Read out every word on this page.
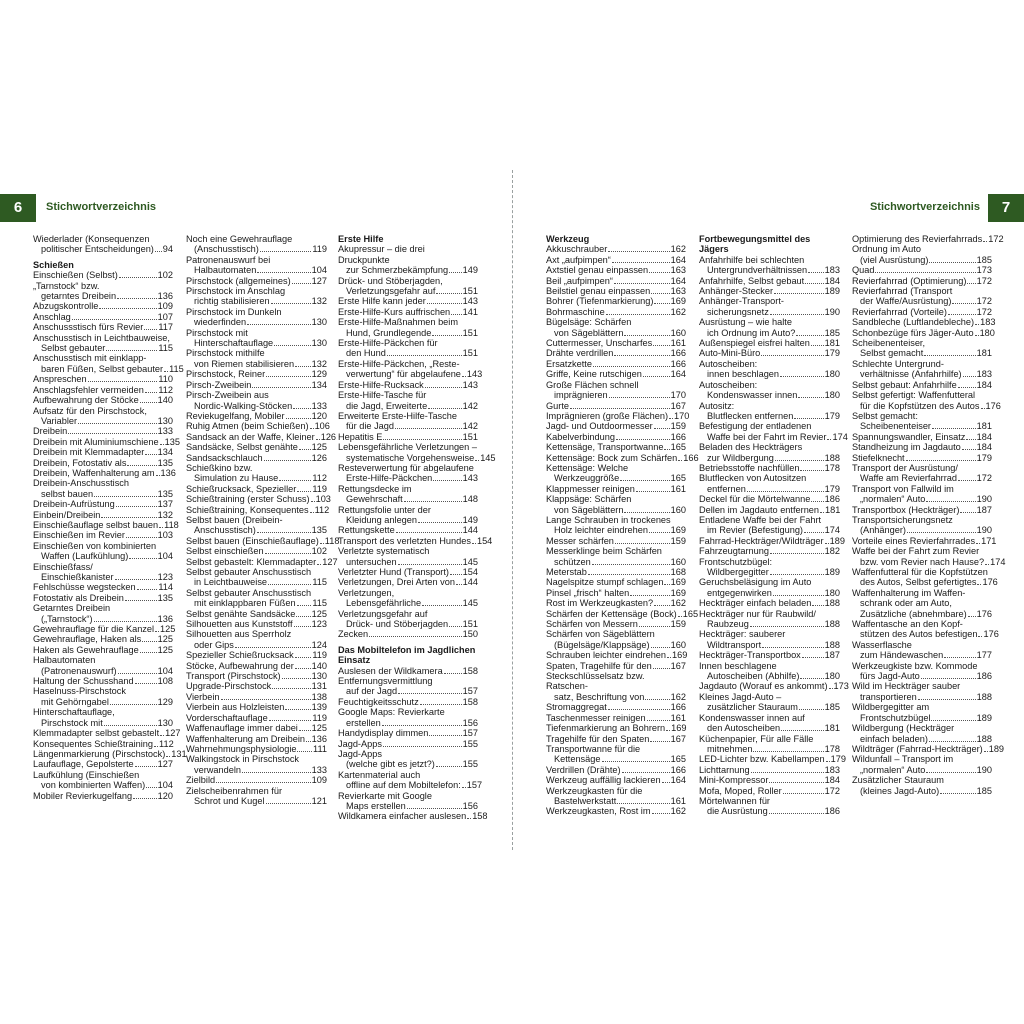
6	Stichwortverzeichnis	Stichwortverzeichnis	7
Wiederlader (Konsequenzen
politischer Entscheidungen) 94
Schießen
Einschießen (Selbst)	102
„Tarnstock“ bzw.
getarntes Dreibein	136
Abzugskontrolle	109
Anschlag	107
Anschussstisch fürs Revier 117
Anschusstisch in Leichtbauweise,
Selbst gebauter	115
Anschusstisch mit einklapp-
baren Füßen, Selbst gebauter 115
Anspreschen	110
Anschlagsfehler vermeiden 112
Aufbewahrung der Stöcke 140
Aufsatz für den Pirschstock,
Variabler	130
Dreibein	133
Dreibein mit Aluminiumschiene 135
Dreibein mit Klemmadapter 134
Dreibein, Fotostativ als	135
Dreibein, Waffenhalterung am 136
Dreibein-Anschusstisch
selbst bauen	135
Dreibein-Aufrüstung	137
Einbein/Dreibein	132
Einschießauflage selbst bauen 118
Einschießen im Revier	103
Einschießen von kombinierten
Waffen (Laufkühlung)	104
Einschießfass/
Einschießkanister	123
Fehlschüsse wegstecken 114
Fotostativ als Dreibein	135
Getarntes Dreibein
(„Tarnstock“)	136
Gewehrauflage für die Kanzel 125
Gewehrauflage, Haken als 125
Haken als Gewehrauflage 125
Halbautomaten
(Patronenauswurf)	104
Haltung der Schusshand	108
Haselnuss-Pirschstock
mit Gehörngabel	129
Hinterschaftauflage,
Pirschstock mit	130
Klemmadapter selbst gebastelt 127
Konsequentes Schießtraining 112
Längenmarkierung (Pirschstock) 131
Laufauflage, Gepolsterte	127
Laufkühlung (Einschießen
von kombinierten Waffen) 104
Mobiler Revierkugelfang	120
Noch eine Gewehrauflage
(Anschusstisch)	119
Patronenauswurf bei
Halbautomaten	104
Pirschstock (allgemeines) 127
Pirschstock im Anschlag
richtig stabilisieren	132
Pirschstock im Dunkeln
wiederfinden	130
Pirschstock mit
Hinterschaftauflage	130
Pirschstock mithilfe
von Riemen stabilisieren 132
Pirschstock, Reiner	129
Pirsch-Zweibein	134
Pirsch-Zweibein aus
Nordic-Walking-Stöcken 133
Reviekugelfang, Mobiler	120
Ruhig Atmen (beim Schießen) 106
Sandsack an der Waffe, Kleiner 126
Sandsäcke, Selbst genähte 125
Sandsackschlauch	126
Schießkino bzw.
Simulation zu Hause	112
Schießrucksack, Spezieller 119
Schießtraining (erster Schuss) 103
Schießtraining, Konsequentes 112
Selbst bauen (Dreibein-
Anschusstisch)	135
Selbst bauen (Einschießauflage) 118
Selbst einschießen	102
Selbst gebastelt: Klemmadapter 127
Selbst gebauter Anschusstisch
in Leichtbauweise	115
Selbst gebauter Anschusstisch
mit einklappbaren Füßen 115
Selbst genähte Sandsäcke 125
Silhouetten aus Kunststoff 123
Silhouetten aus Sperrholz
oder Gips	124
Spezieller Schießrucksack 119
Stöcke, Aufbewahrung der 140
Transport (Pirschstock)	130
Upgrade-Pirschstock	131
Vierbein	138
Vierbein aus Holzleisten	139
Vorderschaftauflage	119
Waffenauflage immer dabei 125
Waffenhalterung am Dreibein 136
Wahrnehmungsphysiologie 111
Walkingstock in Pirschstock
verwandeln	133
Zielbild	109
Zielscheibenrahmen für
Schrot und Kugel	121
Erste Hilfe
Akupressur – die drei Druckpunkte
zur Schmerzbekämpfung 149
Drück- und Stöberjagden,
Verletzungsgefahr auf	151
Erste Hilfe kann jeder	143
Erste-Hilfe-Kurs auffrischen 141
Erste-Hilfe-Maßnahmen beim
Hund, Grundlegende	151
Erste-Hilfe-Päckchen für
den Hund	151
Erste-Hilfe-Päckchen, „Reste-
verwertung“ für abgelaufene 143
Erste-Hilfe-Rucksack	143
Erste-Hilfe-Tasche für
die Jagd, Erweiterte	142
Erweiterte Erste-Hilfe-Tasche
für die Jagd	142
Hepatitis E	151
Lebensgefährliche Verletzungen –
systematische Vorgehensweise 145
Resteverwertung für abgelaufene
Erste-Hilfe-Päckchen	143
Rettungsdecke im
Gewehrschaft	148
Rettungsfolie unter der
Kleidung anlegen	149
Rettungskette	144
Transport des verletzten Hundes 154
Verletzte systematisch
untersuchen	145
Verletzter Hund (Transport) 154
Verletzungen, Drei Arten von 144
Verletzungen,
Lebensgefährliche	145
Verletzungsgefahr auf
Drück- und Stöberjagden 151
Zecken	150
Das Mobiltelefon im Jagdlichen Einsatz
Auslesen der Wildkamera 158
Entfernungsvermittlung
auf der Jagd	157
Feuchtigkeitsschutz	158
Google Maps: Revierkarte
erstellen	156
Handydisplay dimmen	157
Jagd-Apps	155
Jagd-Apps
(welche gibt es jetzt?)	155
Kartenmaterial auch
offline auf dem Mobiltelefon: 157
Revierkarte mit Google
Maps erstellen	156
Wildkamera einfacher auslesen 158
Werkzeug
Akkuschrauber	162
Axt „aufpimpen“	164
Axtstiel genau einpassen 163
Beil „aufpimpen“	164
Beilstiel genau einpassen 163
Bohrer (Tiefenmarkierung) 169
Bohrmaschine	162
Bügelsäge: Schärfen
von Sägeblättern	160
Cuttermesser, Unscharfes 161
Drähte verdrillen	166
Ersatzkette	166
Griffe, Keine rutschigen	164
Große Flächen schnell
imprägnieren	170
Gurte	167
Imprägnieren (große Flächen) 170
Jagd- und Outdoormesser 159
Kabelverbindung	166
Kettensäge, Transportwanne 165
Kettensäge: Bock zum Schärfen 166
Kettensäge: Welche
Werkzeuggröße	165
Klappmesser reinigen	161
Klappsäge: Schärfen
von Sägeblättern	160
Lange Schrauben in trockenes
Holz leichter eindrehen 169
Messer schärfen	159
Messerklinge beim Schärfen
schützen	160
Meterstab	168
Nagelspitze stumpf schlagen 169
Pinsel „frisch“ halten	169
Rost im Werkzeugkasten? 162
Schärfen der Kettensäge (Bock) 165
Schärfen von Messern	159
Schärfen von Sägeblättern
(Bügelsäge/Klappsäge) 160
Schrauben leichter eindrehen 169
Spaten, Tragehilfe für den 167
Steckschlüsselsatz bzw. Ratschen-
satz, Beschriftung von	162
Stromaggregat	166
Taschenmesser reinigen	161
Tiefenmarkierung an Bohrern 169
Tragehilfe für den Spaten 167
Transportwanne für die
Kettensäge	165
Verdrillen (Drähte)	166
Werkzeug auffällig lackieren 164
Werkzeugkasten für die
Bastelwerkstatt	161
Werkzeugkasten, Rost im 162
Fortbewegungsmittel des Jägers
Anfahrhilfe bei schlechten
Untergrundverhältnissen 183
Anfahrhilfe, Selbst gebaut 184
Anhänger-Stecker	189
Anhänger-Transport-
sicherungsnetz	190
Ausrüstung – wie halte
ich Ordnung im Auto?	185
Außenspiegel eisfrei halten 181
Auto-Mini-Büro	179
Autoscheiben:
innen beschlagen	180
Autoscheiben:
Kondenswasser innen	180
Autositz:
Blutflecken entfernen	179
Befestigung der entladenen
Waffe bei der Fahrt im Revier 174
Beladen des Heckträgers
zur Wildbergung	188
Betriebsstoffe nachfüllen	178
Blutflecken von Autositzen
entfernen	179
Deckel für die Mörtelwanne 186
Dellen im Jagdauto entfernen 181
Entladene Waffe bei der Fahrt
im Revier (Befestigung) 174
Fahrrad-Heckträger/Wildträger 189
Fahrzeugtarnung	182
Frontschutzbügel:
Wildbergegitter	189
Geruchsbeläsigung im Auto
entgegenwirken	180
Heckträger einfach beladen 188
Heckträger nur für Raubwild/
Raubzeug	188
Heckträger: sauberer
Wildtransport	188
Heckträger-Transportbox	187
Innen beschlagene
Autoscheiben (Abhilfe)	180
Jagdauto (Worauf es ankommt) 173
Kleines Jagd-Auto –
zusätzlicher Stauraum	185
Kondenswasser innen auf
den Autoscheiben	181
Küchenpapier, Für alle Fälle
mitnehmen	178
LED-Lichter bzw. Kabellampen 179
Lichttarnung	183
Mini-Kompressor	184
Mofa, Moped, Roller	172
Mörtelwannen für
die Ausrüstung	186
Optimierung des Revierfahrrads 172
Ordnung im Auto
(viel Ausrüstung)	185
Quad	173
Revierfahrrad (Optimierung) 172
Revierfahrrad (Transport
der Waffe/Ausrüstung)	172
Revierfahrrad (Vorteile)	172
Sandbleche (Luftlandebleche) 183
Schonbezüge fürs Jäger-Auto 180
Scheibenenteiser,
Selbst gemacht	181
Schlechte Untergrund-
verhältnisse (Anfahrhilfe) 183
Selbst gebaut: Anfahrhilfe 184
Selbst gefertigt: Waffenfutteral
für die Kopfstützen des Autos 176
Selbst gemacht:
Scheibenenteiser	181
Spannungswandler, Einsatz 184
Standheizung im Jagdauto 184
Stiefelknecht	179
Transport der Ausrüstung/
Waffe am Revierfahrrad 172
Transport von Fallwild im
„normalen“ Auto	190
Transportbox (Heckträger) 187
Transportsicherungsnetz
(Anhänger)	190
Vorteile eines Revierfahrrades 171
Waffe bei der Fahrt zum Revier
bzw. vom Revier nach Hause? 174
Waffenfutteral für die Kopfstützen
des Autos, Selbst gefertigtes 176
Waffenhalterung im Waffen-
schrank oder am Auto,
Zusätzliche (abnehmbare) 176
Waffentasche an den Kopf-
stützen des Autos befestigen 176
Wasserflasche
zum Händewaschen	177
Werkzeugkiste bzw. Kommode
fürs Jagd-Auto	186
Wild im Heckträger sauber
transportieren	188
Wildbergegitter am
Frontschutzbügel	189
Wildbergung (Heckträger
einfach beladen)	188
Wildträger (Fahrrad-Heckträger) 189
Wildunfall – Transport im
„normalen“ Auto	190
Zusätzlicher Stauraum
(kleines Jagd-Auto)	185
